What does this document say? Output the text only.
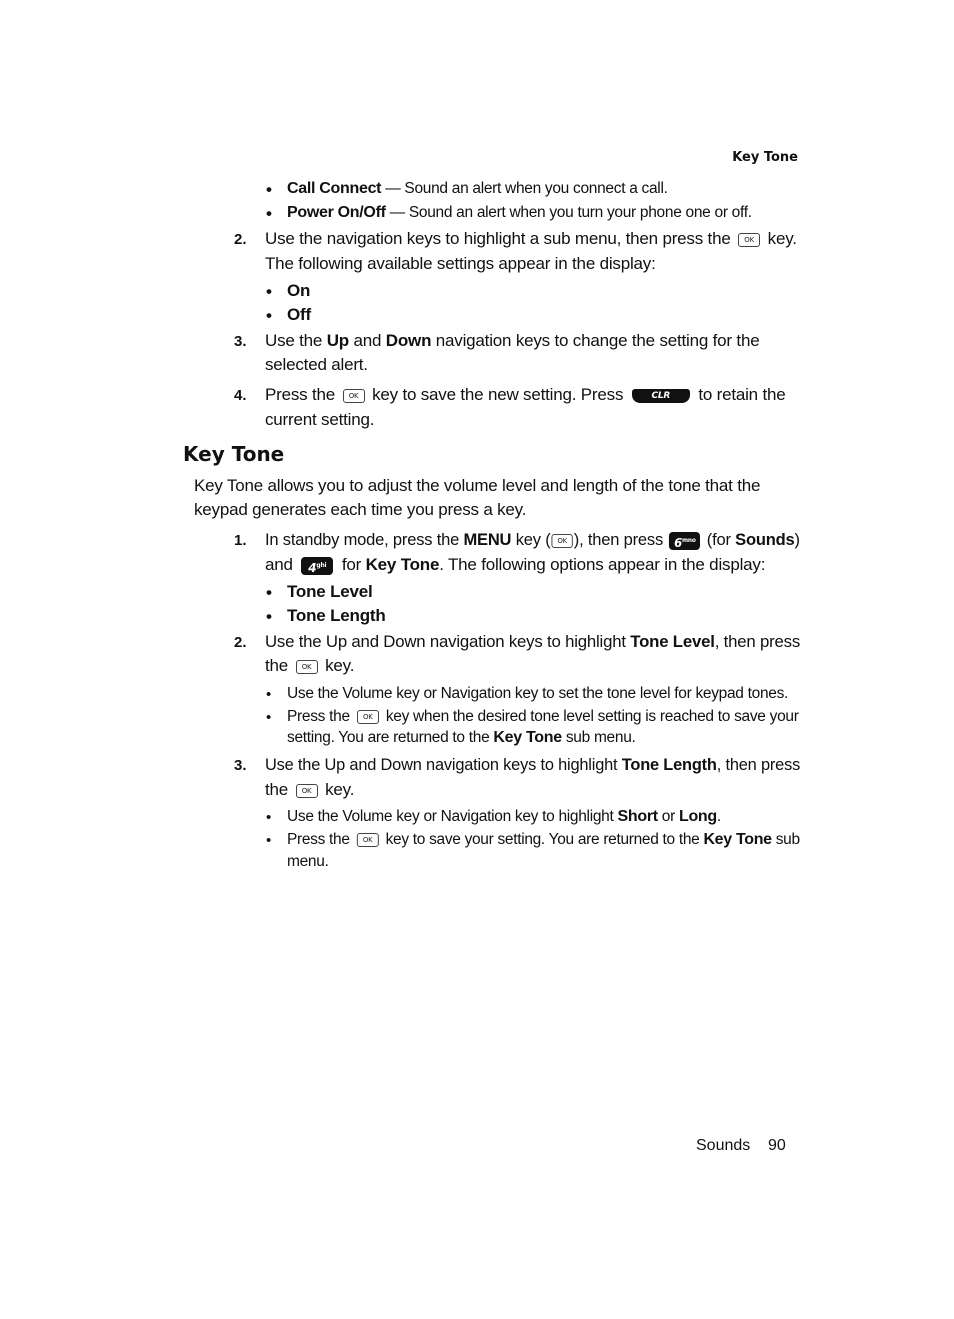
Key Tone
• Call Connect — Sound an alert when you connect a call.
• Power On/Off — Sound an alert when you turn your phone one or off.
2. Use the navigation keys to highlight a sub menu, then press the OK key.
The following available settings appear in the display:
• On
• Off
3. Use the Up and Down navigation keys to change the setting for the
selected alert.
4. Press the OK key to save the new setting. Press	CLR to retain the
current setting.
Key Tone
Key Tone allows you to adjust the volume level and length of the tone that the
keypad generates each time you press a key.
1. In standby mode, press the MENU key ( OK ), then press $6^{mno}$ (for Sounds)
and $4^{ghi}$ for Key Tone. The following options appear in the display:
• Tone Level
• Tone Length
2. Use the Up and Down navigation keys to highlight Tone Level, then press
the OK key.
• Use the Volume key or Navigation key to set the tone level for keypad tones.
• Press the OK key when the desired tone level setting is reached to save your
setting. You are returned to the Key Tone sub menu.
3. Use the Up and Down navigation keys to highlight Tone Length, then press
the OK key.
• Use the Volume key or Navigation key to highlight Short or Long.
• Press the OK key to save your setting. You are returned to the Key Tone sub
menu.
Sounds 90
